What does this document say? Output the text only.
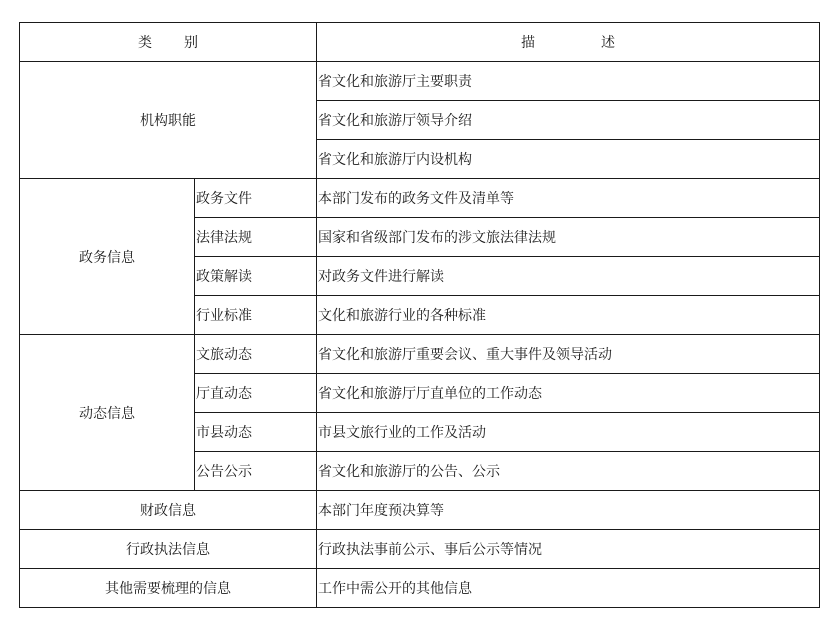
类 别		描 述
机构职能		省文化和旅游厅主要职责
		省文化和旅游厅领导介绍
		省文化和旅游厅内设机构
政务信息	政务文件	本部门发布的政务文件及清单等
	法律法规	国家和省级部门发布的涉文旅法律法规
	政策解读	对政务文件进行解读
	行业标准	文化和旅游行业的各种标准
动态信息	文旅动态	省文化和旅游厅重要会议、重大事件及领导活动
	厅直动态	省文化和旅游厅厅直单位的工作动态
	市县动态	市县文旅行业的工作及活动
	公告公示	省文化和旅游厅的公告、公示
财政信息		本部门年度预决算等
行政执法信息		行政执法事前公示、事后公示等情况
其他需要梳理的信息		工作中需公开的其他信息
